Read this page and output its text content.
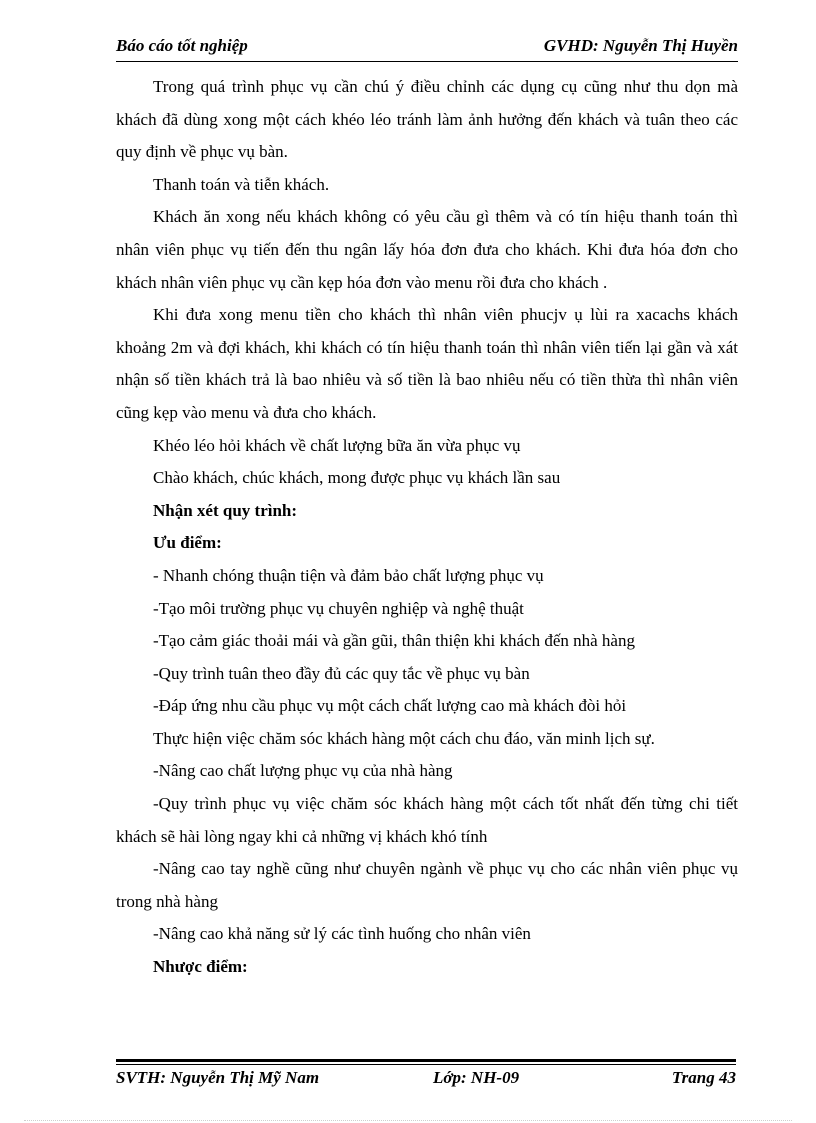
Báo cáo tốt nghiệp	GVHD: Nguyễn Thị Huyền

Trong quá trình phục vụ cần chú ý điều chỉnh các dụng cụ cũng như thu dọn mà khách đã dùng xong một cách khéo léo tránh làm ảnh hưởng đến khách và tuân theo các quy định về phục vụ bàn.

Thanh toán và tiễn khách.

Khách ăn xong nếu khách không có yêu cầu gì thêm và có tín hiệu thanh toán thì nhân viên phục vụ tiến đến thu ngân lấy hóa đơn đưa cho khách. Khi đưa hóa đơn cho khách nhân viên phục vụ cần kẹp hóa đơn vào menu rồi đưa cho khách .

Khi đưa xong menu tiền cho khách thì nhân viên phucjv ụ lùi ra xacachs khách khoảng 2m và đợi khách, khi khách có tín hiệu thanh toán thì nhân viên tiến lại gần và xát nhận số tiền khách trả là bao nhiêu và số tiền là bao nhiêu nếu có tiền thừa thì nhân viên cũng kẹp vào menu và đưa cho khách.

Khéo léo hỏi khách về chất lượng bữa ăn vừa phục vụ

Chào khách, chúc khách, mong được phục vụ khách lần sau

Nhận xét quy trình:

Ưu điểm:

- Nhanh chóng thuận tiện và đảm bảo chất lượng phục vụ

-Tạo môi trường phục vụ chuyên nghiệp và nghệ thuật

-Tạo cảm giác thoải mái và gần gũi, thân thiện khi khách đến nhà hàng

-Quy trình tuân theo đầy đủ các quy tắc về phục vụ bàn

-Đáp ứng nhu cầu phục vụ một cách chất lượng cao mà khách đòi hỏi

Thực hiện việc chăm sóc khách hàng một cách chu đáo, văn minh lịch sự.

-Nâng cao chất lượng phục vụ của nhà hàng

-Quy trình phục vụ việc chăm sóc khách hàng một cách tốt nhất đến từng chi tiết khách sẽ hài lòng ngay khi cả những vị khách khó tính

-Nâng cao tay nghề cũng như chuyên ngành về phục vụ cho các nhân viên phục vụ trong nhà hàng

-Nâng cao khả năng sử lý các tình huống cho nhân viên

Nhược điểm:

SVTH: Nguyễn Thị Mỹ Nam	Lớp: NH-09	Trang 43
